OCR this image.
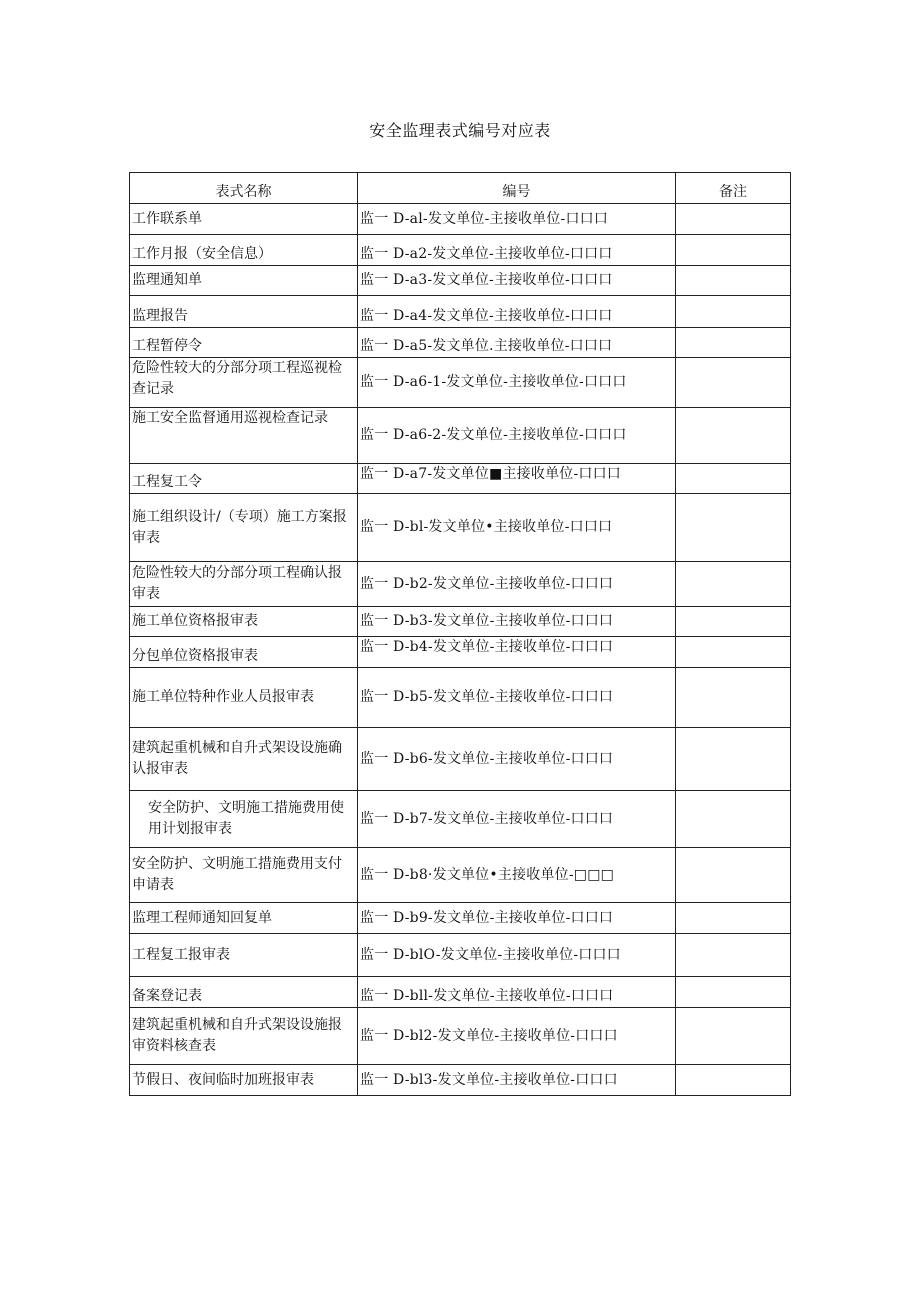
安全监理表式编号对应表
表式名称	编号	备注
工作联系单	监一 D-al-发文单位-主接收单位-口口口	
工作月报（安全信息）	监一 D-a2-发文单位-主接收单位-口口口	
监理通知单	监一 D-a3-发文单位-主接收单位-口口口	
监理报告	监一 D-a4-发文单位-主接收单位-口口口	
工程暂停令	监一 D-a5-发文单位.主接收单位-口口口	
危险性较大的分部分项工程巡视检查记录	监一 D-a6-1-发文单位-主接收单位-口口口	
施工安全监督通用巡视检查记录	监一 D-a6-2-发文单位-主接收单位-口口口	
工程复工令	监一 D-a7-发文单位■主接收单位-口口口	
施工组织设计/（专项）施工方案报审表	监一 D-bl-发文单位•主接收单位-口口口	
危险性较大的分部分项工程确认报审表	监一 D-b2-发文单位-主接收单位-口口口	
施工单位资格报审表	监一 D-b3-发文单位-主接收单位-口口口	
分包单位资格报审表	监一 D-b4-发文单位-主接收单位-口口口	
施工单位特种作业人员报审表	监一 D-b5-发文单位-主接收单位-口口口	
建筑起重机械和自升式架设设施确认报审表	监一 D-b6-发文单位-主接收单位-口口口	
安全防护、文明施工措施费用使用计划报审表	监一 D-b7-发文单位-主接收单位-口口口	
安全防护、文明施工措施费用支付申请表	监一 D-b8·发文单位•主接收单位-□□□	
监理工程师通知回复单	监一 D-b9-发文单位-主接收单位-口口口	
工程复工报审表	监一 D-blO-发文单位-主接收单位-口口口	
备案登记表	监一 D-bll-发文单位-主接收单位-口口口	
建筑起重机械和自升式架设设施报审资料核查表	监一 D-bl2-发文单位-主接收单位-口口口	
节假日、夜间临时加班报审表	监一 D-bl3-发文单位-主接收单位-口口口	
